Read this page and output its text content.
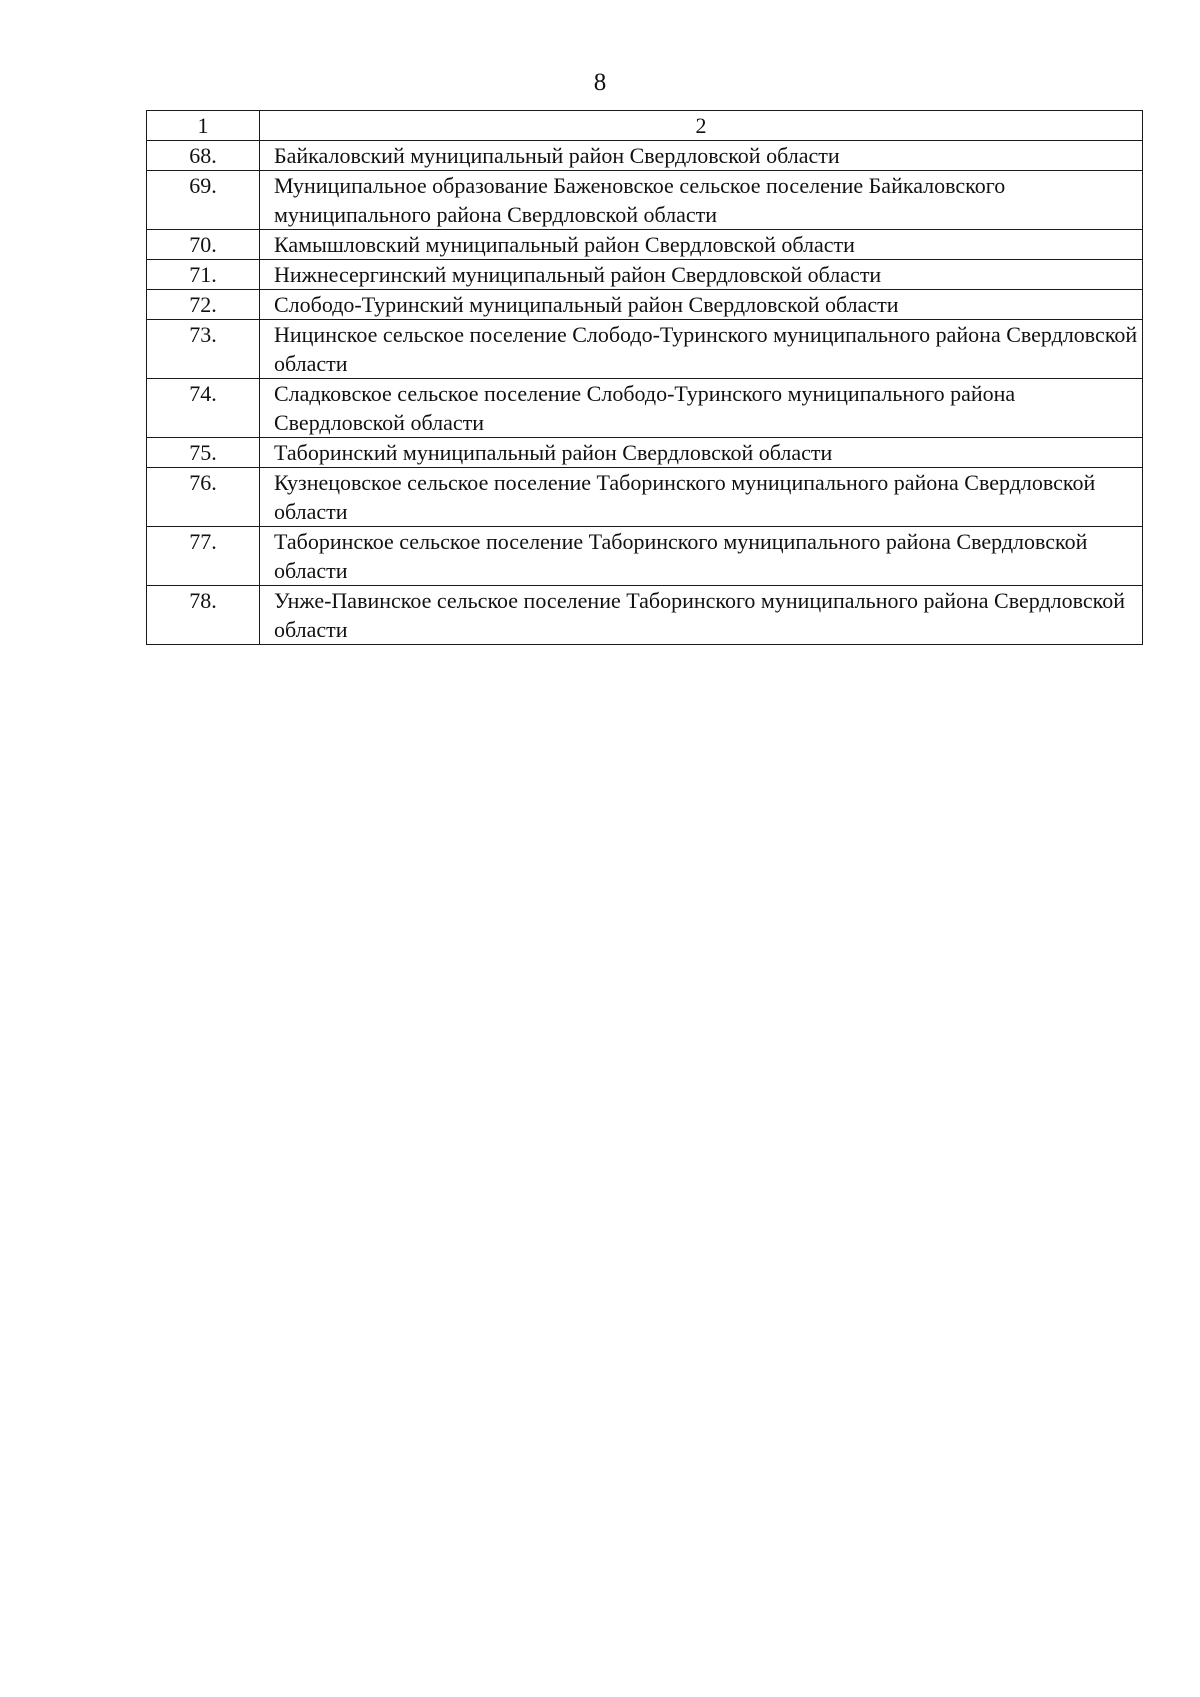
8
1	2
68.	Байкаловский муниципальный район Свердловской области
69.	Муниципальное образование Баженовское сельское поселение Байкаловского муниципального района Свердловской области
70.	Камышловский муниципальный район Свердловской области
71.	Нижнесергинский муниципальный район Свердловской области
72.	Слободо-Туринский муниципальный район Свердловской области
73.	Ницинское сельское поселение Слободо-Туринского муниципального района Свердловской области
74.	Сладковское сельское поселение Слободо-Туринского муниципального района Свердловской области
75.	Таборинский муниципальный район Свердловской области
76.	Кузнецовское сельское поселение Таборинского муниципального района Свердловской области
77.	Таборинское сельское поселение Таборинского муниципального района Свердловской области
78.	Унже-Павинское сельское поселение Таборинского муниципального района Свердловской области
